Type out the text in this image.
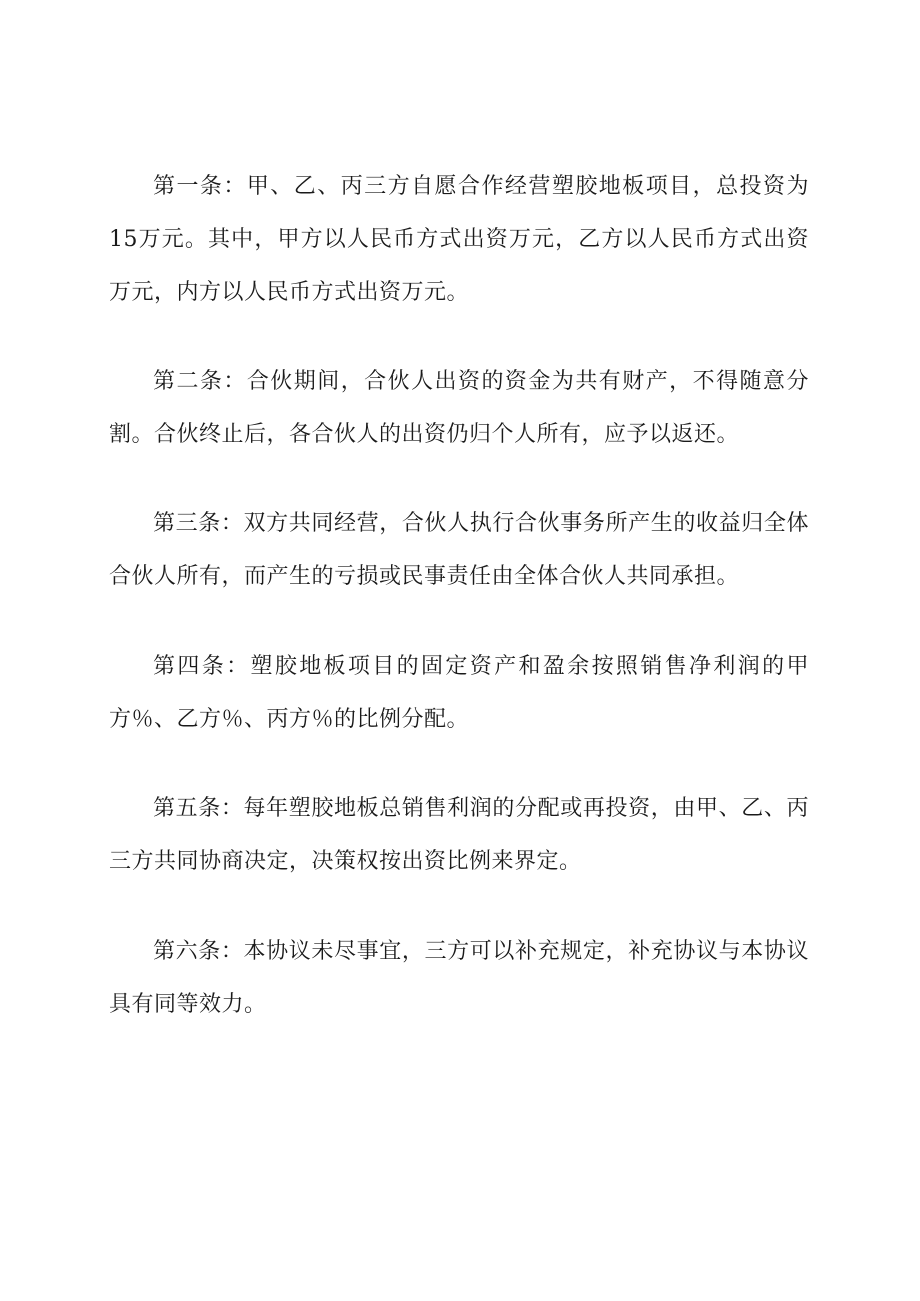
第一条：甲、乙、丙三方自愿合作经营塑胶地板项目，总投资为15万元。其中，甲方以人民币方式出资万元，乙方以人民币方式出资万元，内方以人民币方式出资万元。

第二条：合伙期间，合伙人出资的资金为共有财产，不得随意分割。合伙终止后，各合伙人的出资仍归个人所有，应予以返还。

第三条：双方共同经营，合伙人执行合伙事务所产生的收益归全体合伙人所有，而产生的亏损或民事责任由全体合伙人共同承担。

第四条：塑胶地板项目的固定资产和盈余按照销售净利润的甲方％、乙方％、丙方％的比例分配。

第五条：每年塑胶地板总销售利润的分配或再投资，由甲、乙、丙三方共同协商决定，决策权按出资比例来界定。

第六条：本协议未尽事宜，三方可以补充规定，补充协议与本协议具有同等效力。
